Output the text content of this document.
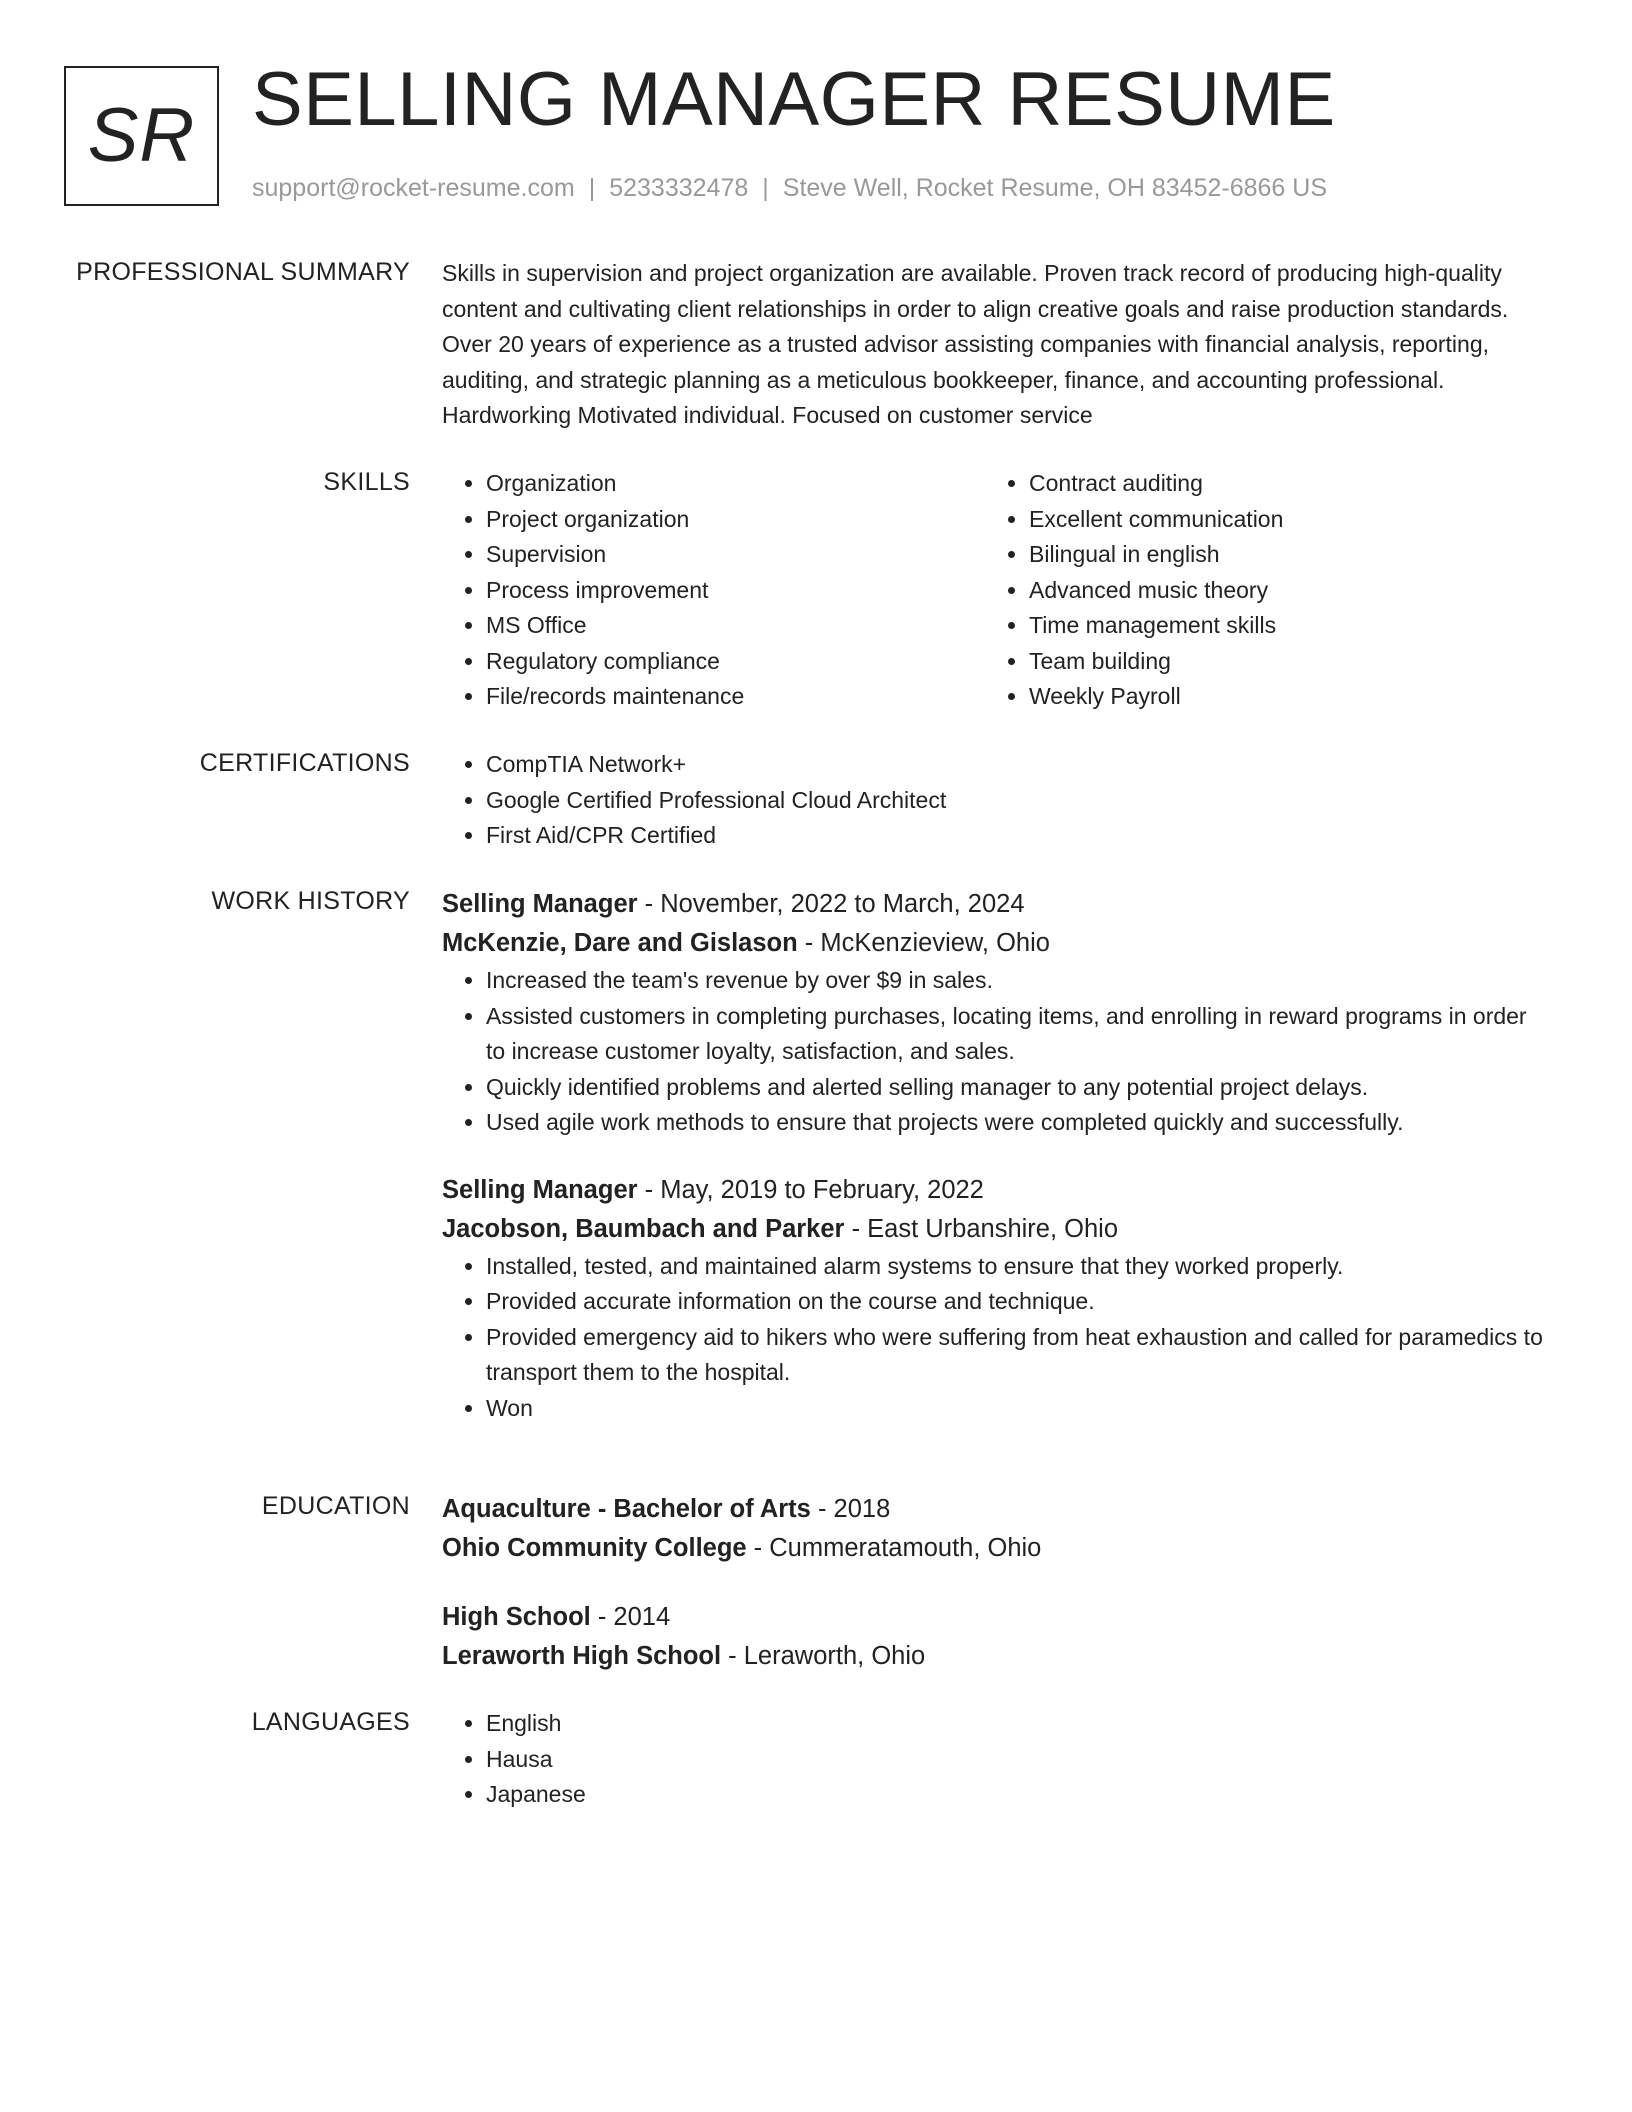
SR SELLING MANAGER RESUME
support@rocket-resume.com | 5233332478 | Steve Well, Rocket Resume, OH 83452-6866 US
PROFESSIONAL SUMMARY Skills in supervision and project organization are available. Proven track record of producing high-quality content and cultivating client relationships in order to align creative goals and raise production standards. Over 20 years of experience as a trusted advisor assisting companies with financial analysis, reporting, auditing, and strategic planning as a meticulous bookkeeper, finance, and accounting professional. Hardworking Motivated individual. Focused on customer service

SKILLS	• Organization
• Project organization
• Supervision
• Process improvement
• MS Office
• Regulatory compliance
• File/records maintenance
• Contract auditing
• Excellent communication
• Bilingual in english
• Advanced music theory
• Time management skills
• Team building
• Weekly Payroll
CERTIFICATIONS	• CompTIA Network+
• Google Certified Professional Cloud Architect
• First Aid/CPR Certified
WORK HISTORY Selling Manager - November, 2022 to March, 2024
McKenzie, Dare and Gislason - McKenzieview, Ohio
• Increased the team's revenue by over $9 in sales.
• Assisted customers in completing purchases, locating items, and enrolling in reward programs in order to increase customer loyalty, satisfaction, and sales.
• Quickly identified problems and alerted selling manager to any potential project delays.
• Used agile work methods to ensure that projects were completed quickly and successfully.
Selling Manager - May, 2019 to February, 2022
Jacobson, Baumbach and Parker - East Urbanshire, Ohio
• Installed, tested, and maintained alarm systems to ensure that they worked properly.
• Provided accurate information on the course and technique.
• Provided emergency aid to hikers who were suffering from heat exhaustion and called for paramedics to transport them to the hospital.
• Won
EDUCATION Aquaculture - Bachelor of Arts - 2018
Ohio Community College - Cummeratamouth, Ohio
High School - 2014
Leraworth High School - Leraworth, Ohio
LANGUAGES	• English
• Hausa
• Japanese
